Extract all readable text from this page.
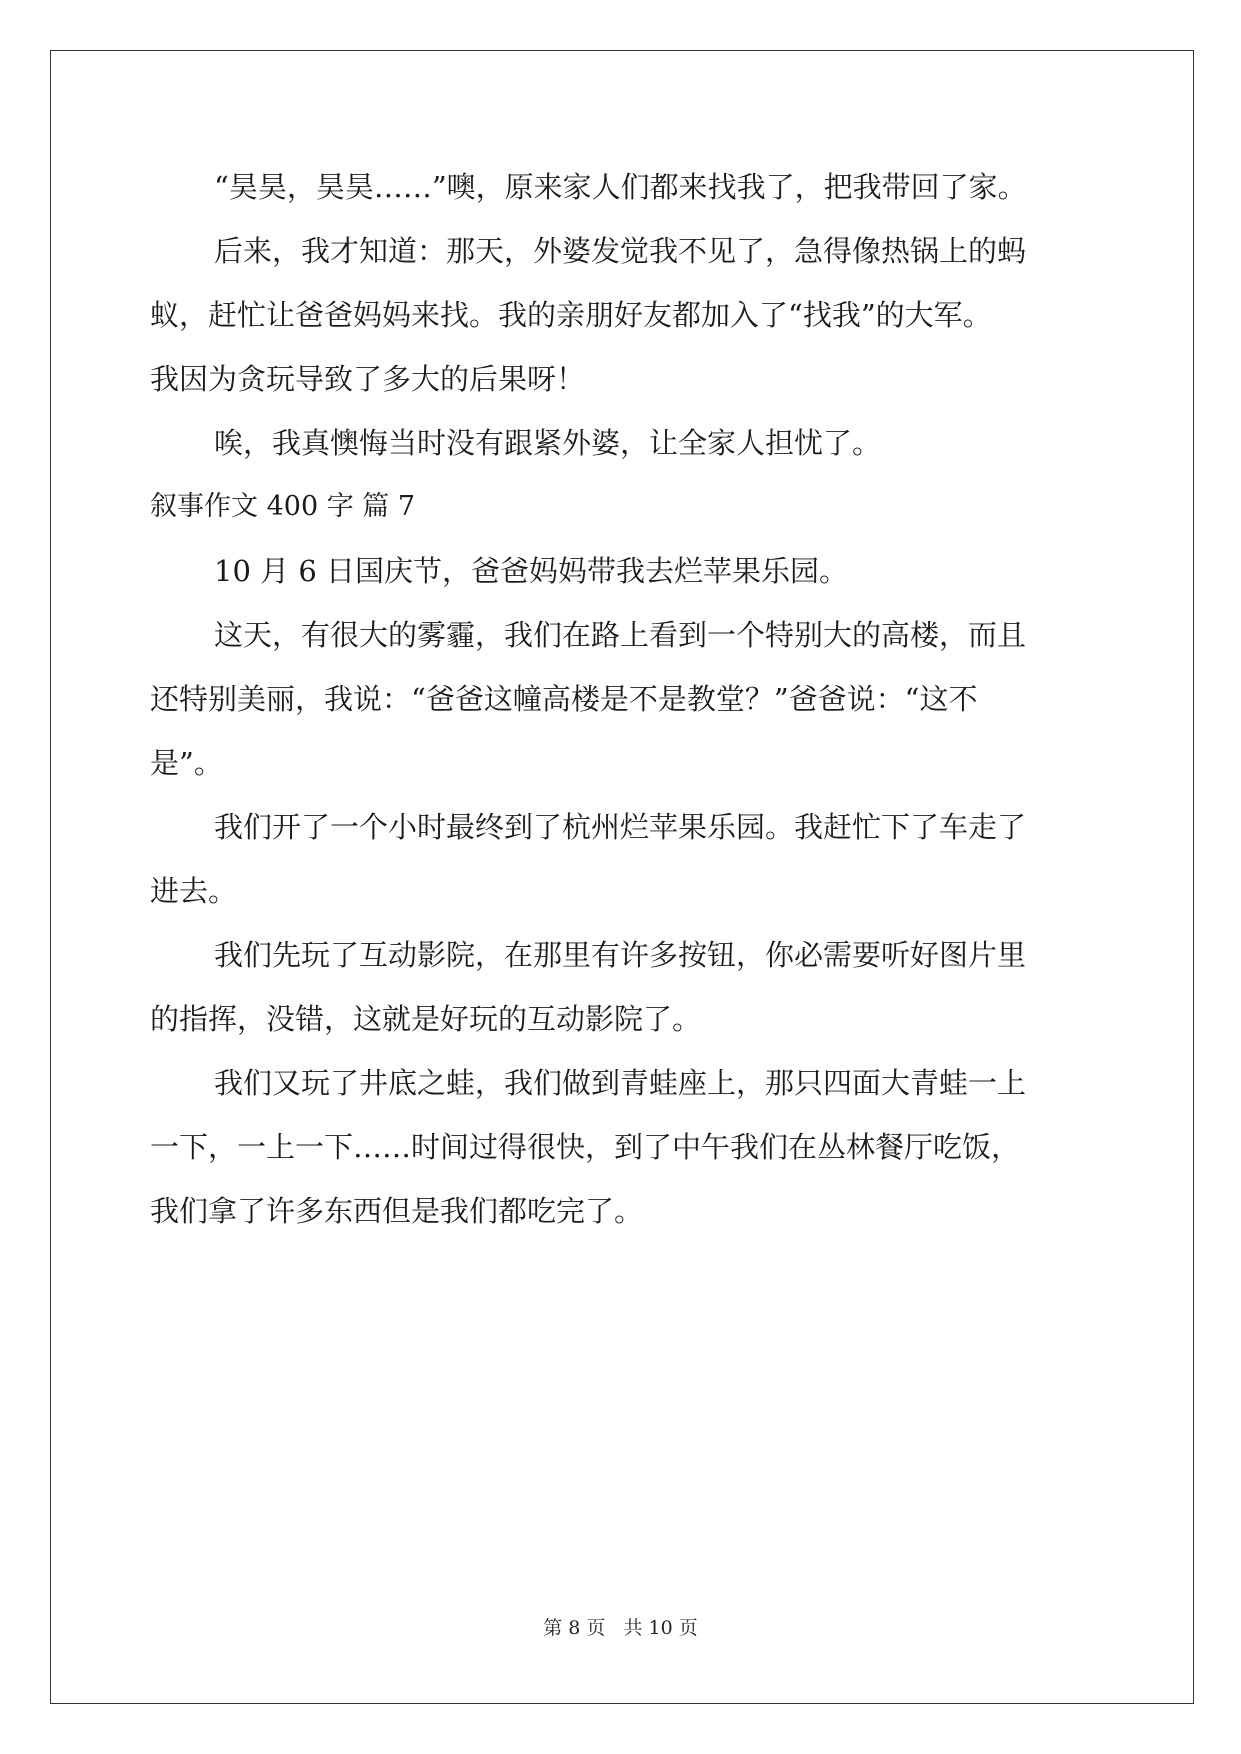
“昊昊，昊昊……”噢，原来家人们都来找我了，把我带回了家。

后来，我才知道：那天，外婆发觉我不见了，急得像热锅上的蚂

蚁，赶忙让爸爸妈妈来找。我的亲朋好友都加入了“找我”的大军。

我因为贪玩导致了多大的后果呀！

唉，我真懊悔当时没有跟紧外婆，让全家人担忧了。

叙事作文 400 字 篇 7

10 月 6 日国庆节，爸爸妈妈带我去烂苹果乐园。

这天，有很大的雾霾，我们在路上看到一个特别大的高楼，而且

还特别美丽，我说：“爸爸这幢高楼是不是教堂？”爸爸说：“这不

是”。

我们开了一个小时最终到了杭州烂苹果乐园。我赶忙下了车走了

进去。

我们先玩了互动影院，在那里有许多按钮，你必需要听好图片里

的指挥，没错，这就是好玩的互动影院了。

我们又玩了井底之蛙，我们做到青蛙座上，那只四面大青蛙一上

一下，一上一下……时间过得很快，到了中午我们在丛林餐厅吃饭，

我们拿了许多东西但是我们都吃完了。

第 8 页 共 10 页
